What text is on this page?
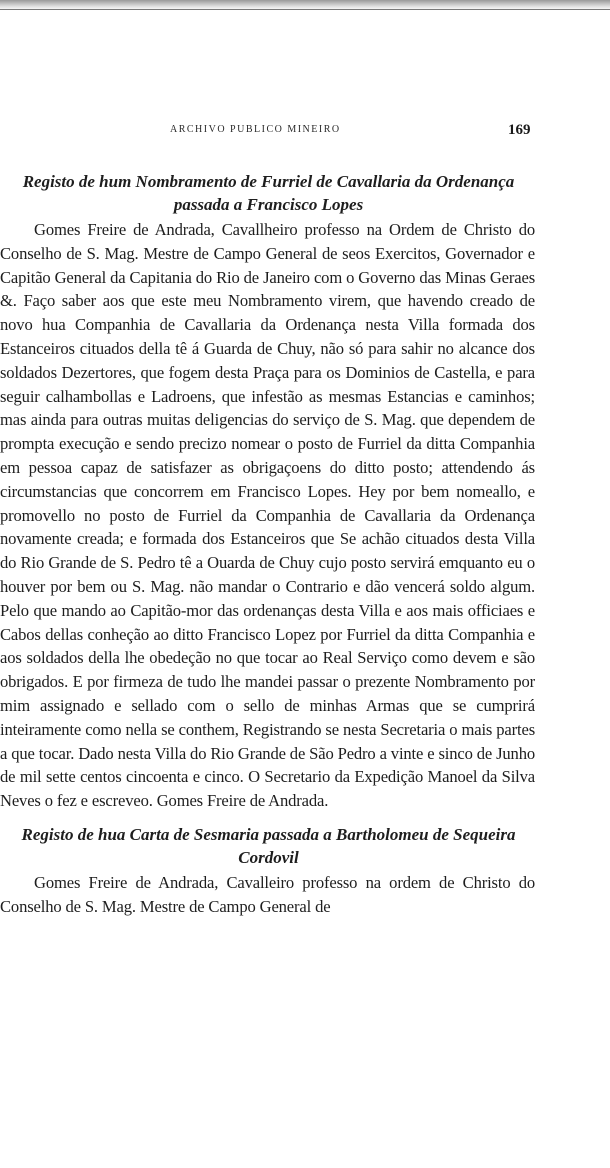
ARCHIVO PUBLICO MINEIRO	169

Registo de hum Nombramento de Furriel de Cavallaria da Ordenança passada a Francisco Lopes

Gomes Freire de Andrada, Cavallheiro professo na Ordem de Christo do Conselho de S. Mag. Mestre de Campo General de seos Exercitos, Governador e Capitão General da Capitania do Rio de Janeiro com o Governo das Minas Geraes &. Faço saber aos que este meu Nombramento virem, que havendo creado de novo hua Companhia de Cavallaria da Ordenança nesta Villa formada dos Estanceiros cituados della tê á Guarda de Chuy, não só para sahir no alcance dos soldados Dezertores, que fogem desta Praça para os Dominios de Castella, e para seguir calhambollas e Ladroens, que infestão as mesmas Estancias e caminhos; mas ainda para outras muitas deligencias do serviço de S. Mag. que dependem de prompta execução e sendo precizo nomear o posto de Furriel da ditta Companhia em pessoa capaz de satisfazer as obrigaçoens do ditto posto; attendendo ás circumstancias que concorrem em Francisco Lopes. Hey por bem nomeallo, e promovello no posto de Furriel da Companhia de Cavallaria da Ordenança novamente creada; e formada dos Estanceiros que Se achão cituados desta Villa do Rio Grande de S. Pedro tê a Ouarda de Chuy cujo posto servirá emquanto eu o houver por bem ou S. Mag. não mandar o Contrario e dão vencerá soldo algum. Pelo que mando ao Capitão-mor das ordenanças desta Villa e aos mais officiaes e Cabos dellas conheção ao ditto Francisco Lopez por Furriel da ditta Companhia e aos soldados della lhe obedeção no que tocar ao Real Serviço como devem e são obrigados. E por firmeza de tudo lhe mandei passar o prezente Nombramento por mim assignado e sellado com o sello de minhas Armas que se cumprirá inteiramente como nella se conthem, Registrando se nesta Secretaria o mais partes a que tocar. Dado nesta Villa do Rio Grande de São Pedro a vinte e sinco de Junho de mil sette centos cincoenta e cinco. O Secretario da Expedição Manoel da Silva Neves o fez e escreveo. Gomes Freire de Andrada.

Registo de hua Carta de Sesmaria passada a Bartholomeu de Sequeira Cordovil

Gomes Freire de Andrada, Cavalleiro professo na ordem de Christo do Conselho de S. Mag. Mestre de Campo General de
